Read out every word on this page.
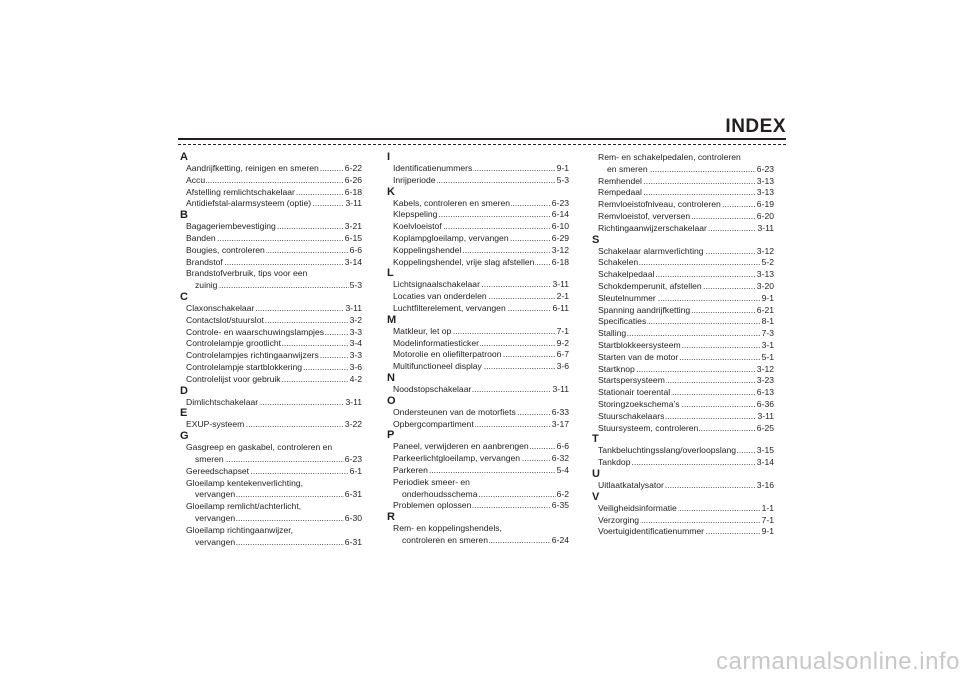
INDEX
A
.....
Aandrijfketting, reinigen en smeren	6-22
.....
Accu	6-26
.....
Afstelling remlichtschakelaar	6-18
.....
Antidiefstal-alarmsysteem (optie)	3-11
B
.....
Bagageriembevestiging	3-21
.....
Banden	6-15
.....
Bougies, controleren	6-6
.....
Brandstof	3-14
Brandstofverbruik, tips voor een
.....
zuinig	5-3
C
.....
Claxonschakelaar	3-11
.....
Contactslot/stuurslot	3-2
.....
Controle- en waarschuwingslampjes	3-3
.....
Controlelampje grootlicht	3-4
.....
Controlelampjes richtingaanwijzers	3-3
.....
Controlelampje startblokkering	3-6
.....
Controlelijst voor gebruik	4-2
D
.....
Dimlichtschakelaar	3-11
E
.....
EXUP-systeem	3-22
G
Gasgreep en gaskabel, controleren en
.....
smeren	6-23
.....
Gereedschapset	6-1
Gloeilamp kentekenverlichting,
.....
vervangen	6-31
Gloeilamp remlicht/achterlicht,
.....
vervangen	6-30
Gloeilamp richtingaanwijzer,
.....
vervangen	6-31
I
.....
Identificatienummers	9-1
.....
Inrijperiode	5-3
K
.....
Kabels, controleren en smeren	6-23
.....
Klepspeling	6-14
.....
Koelvloeistof	6-10
.....
Koplampgloeilamp, vervangen	6-29
.....
Koppelingshendel	3-12
.....
Koppelingshendel, vrije slag afstellen 6-18
L
.....
Lichtsignaalschakelaar	3-11
.....
Locaties van onderdelen	2-1
.....
Luchtfilterelement, vervangen	6-11
M
.....
Matkleur, let op	7-1
.....
Modelinformatiesticker	9-2
.....
Motorolie en oliefilterpatroon	6-7
.....
Multifunctioneel display	3-6
N
.....
Noodstopschakelaar	3-11
O
.....
Ondersteunen van de motorfiets	6-33
.....
Opbergcompartiment	3-17
P
.....
Paneel, verwijderen en aanbrengen	6-6
.....
Parkeerlichtgloeilamp, vervangen	6-32
.....
Parkeren	5-4
Periodiek smeer- en
.....
onderhoudsschema	6-2
.....
Problemen oplossen	6-35
R
Rem- en koppelingshendels,
.....
controleren en smeren	6-24
Rem- en schakelpedalen, controleren
.....
en smeren	6-23
.....
Remhendel	3-13
.....
Rempedaal	3-13
.....
Remvloeistofniveau, controleren	6-19
.....
Remvloeistof, verversen	6-20
.....
Richtingaanwijzerschakelaar	3-11
S
.....
Schakelaar alarmverlichting	3-12
.....
Schakelen	5-2
.....
Schakelpedaal	3-13
.....
Schokdemperunit, afstellen	3-20
.....
Sleutelnummer	9-1
.....
Spanning aandrijfketting	6-21
.....
Specificaties	8-1
.....
Stalling	7-3
.....
Startblokkeersysteem	3-1
.....
Starten van de motor	5-1
.....
Startknop	3-12
.....
Startspersysteem	3-23
.....
Stationair toerental	6-13
.....
Storingzoekschema’s	6-36
.....
Stuurschakelaars	3-11
.....
Stuursysteem, controleren	6-25
T
.....
Tankbeluchtingsslang/overloopslang 3-15
.....
Tankdop	3-14
U
.....
Uitlaatkatalysator	3-16
V
.....
Veiligheidsinformatie	1-1
.....
Verzorging	7-1
.....
Voertuigidentificatienummer	9-1
carmanualsonline.info
